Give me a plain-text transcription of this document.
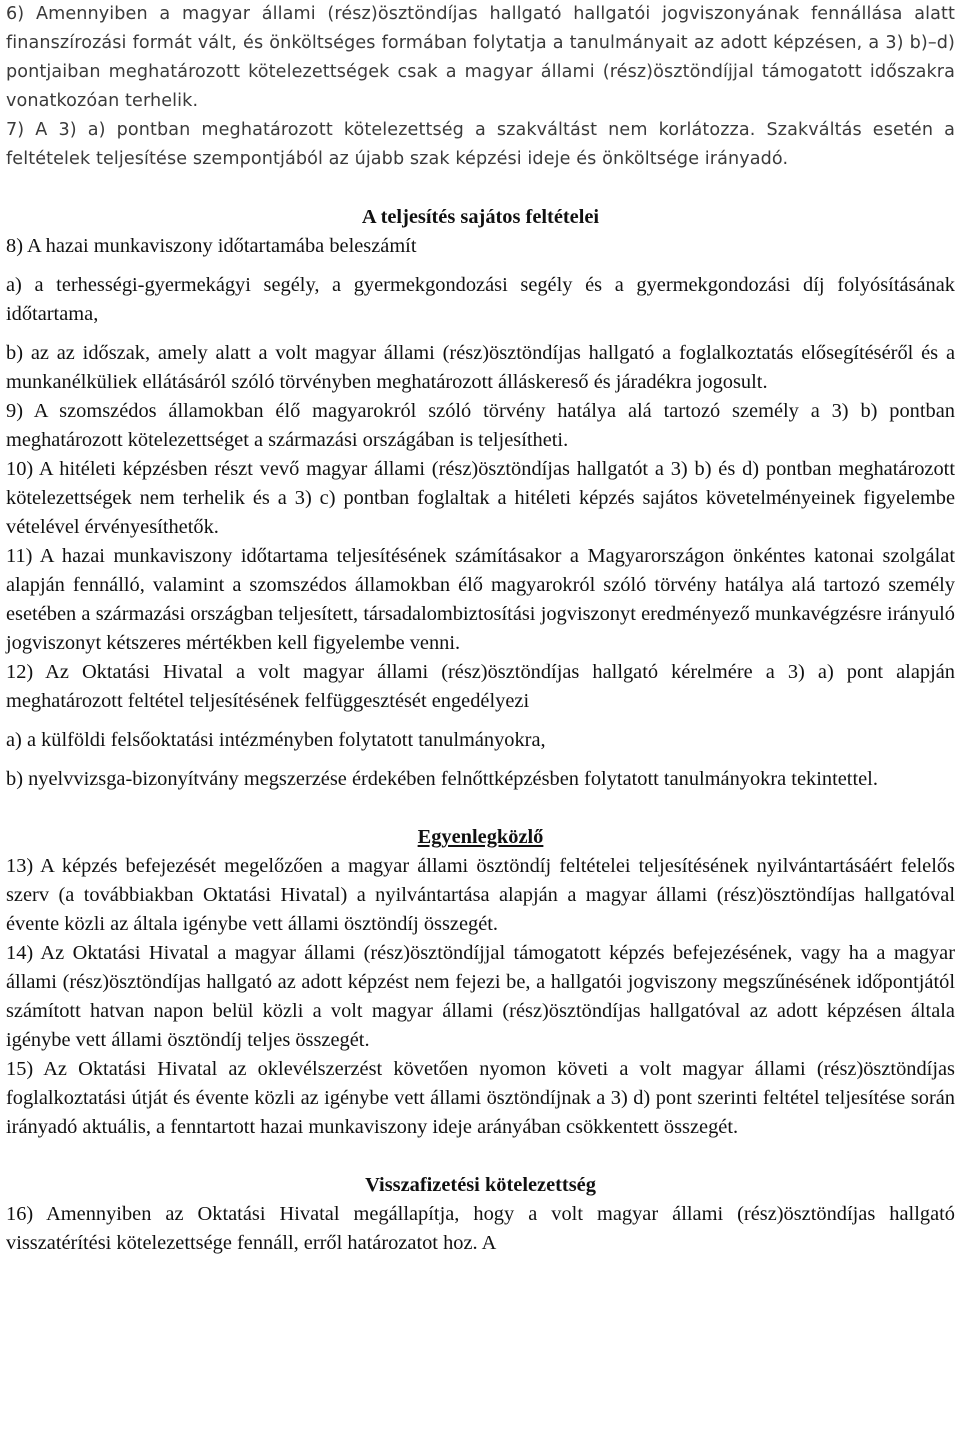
6) Amennyiben a magyar állami (rész)ösztöndíjas hallgató hallgatói jogviszonyának fennállása alatt finanszírozási formát vált, és önköltséges formában folytatja a tanulmányait az adott képzésen, a 3) b)–d) pontjaiban meghatározott kötelezettségek csak a magyar állami (rész)ösztöndíjjal támogatott időszakra vonatkozóan terhelik.

7) A 3) a) pontban meghatározott kötelezettség a szakváltást nem korlátozza. Szakváltás esetén a feltételek teljesítése szempontjából az újabb szak képzési ideje és önköltsége irányadó.

A teljesítés sajátos feltételei

8) A hazai munkaviszony időtartamába beleszámít

a) a terhességi-gyermekágyi segély, a gyermekgondozási segély és a gyermekgondozási díj folyósításának időtartama,

b) az az időszak, amely alatt a volt magyar állami (rész)ösztöndíjas hallgató a foglalkoztatás elősegítéséről és a munkanélküliek ellátásáról szóló törvényben meghatározott álláskereső és járadékra jogosult.

9) A szomszédos államokban élő magyarokról szóló törvény hatálya alá tartozó személy a 3) b) pontban meghatározott kötelezettséget a származási országában is teljesítheti.

10) A hitéleti képzésben részt vevő magyar állami (rész)ösztöndíjas hallgatót a 3) b) és d) pontban meghatározott kötelezettségek nem terhelik és a 3) c) pontban foglaltak a hitéleti képzés sajátos követelményeinek figyelembe vételével érvényesíthetők.

11) A hazai munkaviszony időtartama teljesítésének számításakor a Magyarországon önkéntes katonai szolgálat alapján fennálló, valamint a szomszédos államokban élő magyarokról szóló törvény hatálya alá tartozó személy esetében a származási országban teljesített, társadalombiztosítási jogviszonyt eredményező munkavégzésre irányuló jogviszonyt kétszeres mértékben kell figyelembe venni.

12) Az Oktatási Hivatal a volt magyar állami (rész)ösztöndíjas hallgató kérelmére a 3) a) pont alapján meghatározott feltétel teljesítésének felfüggesztését engedélyezi

a) a külföldi felsőoktatási intézményben folytatott tanulmányokra,

b) nyelvvizsga-bizonyítvány megszerzése érdekében felnőttképzésben folytatott tanulmányokra tekintettel.

Egyenlegközlő

13) A képzés befejezését megelőzően a magyar állami ösztöndíj feltételei teljesítésének nyilvántartásáért felelős szerv (a továbbiakban Oktatási Hivatal) a nyilvántartása alapján a magyar állami (rész)ösztöndíjas hallgatóval évente közli az általa igénybe vett állami ösztöndíj összegét.

14) Az Oktatási Hivatal a magyar állami (rész)ösztöndíjjal támogatott képzés befejezésének, vagy ha a magyar állami (rész)ösztöndíjas hallgató az adott képzést nem fejezi be, a hallgatói jogviszony megszűnésének időpontjától számított hatvan napon belül közli a volt magyar állami (rész)ösztöndíjas hallgatóval az adott képzésen általa igénybe vett állami ösztöndíj teljes összegét.

15) Az Oktatási Hivatal az oklevélszerzést követően nyomon követi a volt magyar állami (rész)ösztöndíjas foglalkoztatási útját és évente közli az igénybe vett állami ösztöndíjnak a 3) d) pont szerinti feltétel teljesítése során irányadó aktuális, a fenntartott hazai munkaviszony ideje arányában csökkentett összegét.

Visszafizetési kötelezettség

16) Amennyiben az Oktatási Hivatal megállapítja, hogy a volt magyar állami (rész)ösztöndíjas hallgató visszatérítési kötelezettsége fennáll, erről határozatot hoz. A
